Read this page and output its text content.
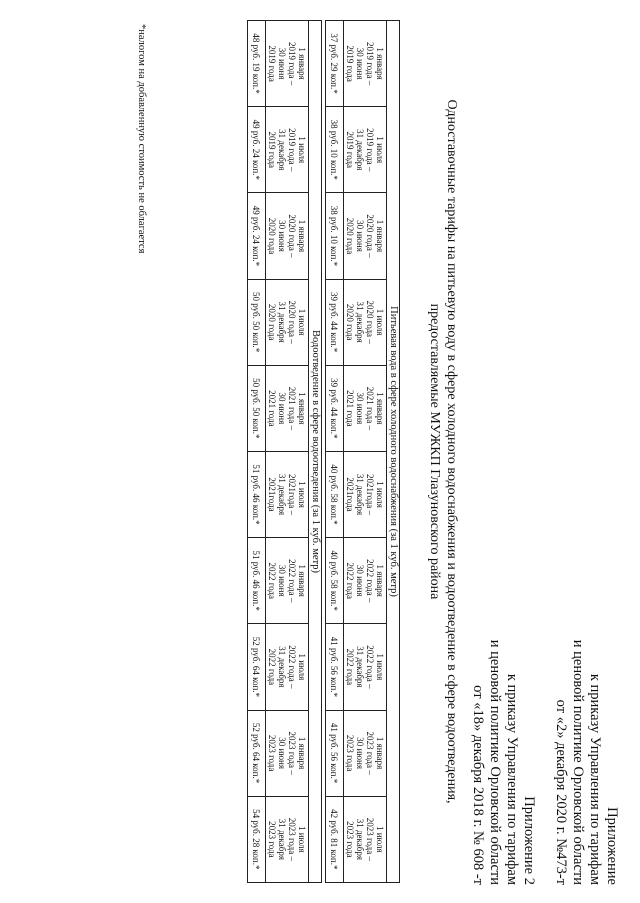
Приложение
к приказу Управления по тарифам
и ценовой политике Орловской области
от «2» декабря 2020 г. №473-т
Приложение 2
к приказу Управления по тарифам
и ценовой политике Орловской области
от «18» декабря 2018 г. № 608 -т
Одноставочные тарифы на питьевую воду в сфере холодного водоснабжения и водоотведение в сфере водоотведения,
предоставляемые МУЖКП Глазуновского района
Питьевая вода в сфере холодного водоснабжения (за 1 куб. метр)									

1 января
2019 года –
30 июня
2019 года	1 июля
2019 года –
31 декабря
2019 года	1 января
2020 года –
30 июня
2020 года	1 июля
2020 года –
31 декабря
2020 года	1 января
2021 года –
30 июня
2021 года	1 июля
2021года –
31 декабря
2021года	1 января
2022 года –
30 июня
2022 года	1 июля
2022 года –
31 декабря
2022 года	1 января
2023 года –
30 июня
2023 года	1 июля
2023 года –
31 декабря
2023 года

37 руб. 29 коп.*	38 руб. 10 коп.*	38 руб. 10 коп.*	39 руб. 44 коп.*	39 руб. 44 коп.*	40 руб. 58 коп.*	40 руб. 58 коп.*	41 руб. 56 коп.*	41 руб. 56 коп.*	42 руб. 81 коп.*

Водоотведение в сфере водоотведения (за 1 куб. метр)									

1 января
2019 года –
30 июня
2019 года	1 июля
2019 года –
31 декабря
2019 года	1 января
2020 года –
30 июня
2020 года	1 июля
2020 года –
31 декабря
2020 года	1 января
2021 года –
30 июня
2021 года	1 июля
2021года –
31 декабря
2021года	1 января
2022 года –
30 июня
2022 года	1 июля
2022 года –
31 декабря
2022 года	1 января
2023 года –
30 июня
2023 года	1 июля
2023 года –
31 декабря
2023 года

48 руб. 19 коп.*	49 руб. 24 коп.*	49 руб. 24 коп.*	50 руб. 50 коп.*	50 руб. 50 коп.*	51 руб. 46 коп.*	51 руб. 46 коп.*	52 руб. 64 коп.*	52 руб. 64 коп.*	54 руб. 28 коп.*
*налогом на добавленную стоимость не облагается
